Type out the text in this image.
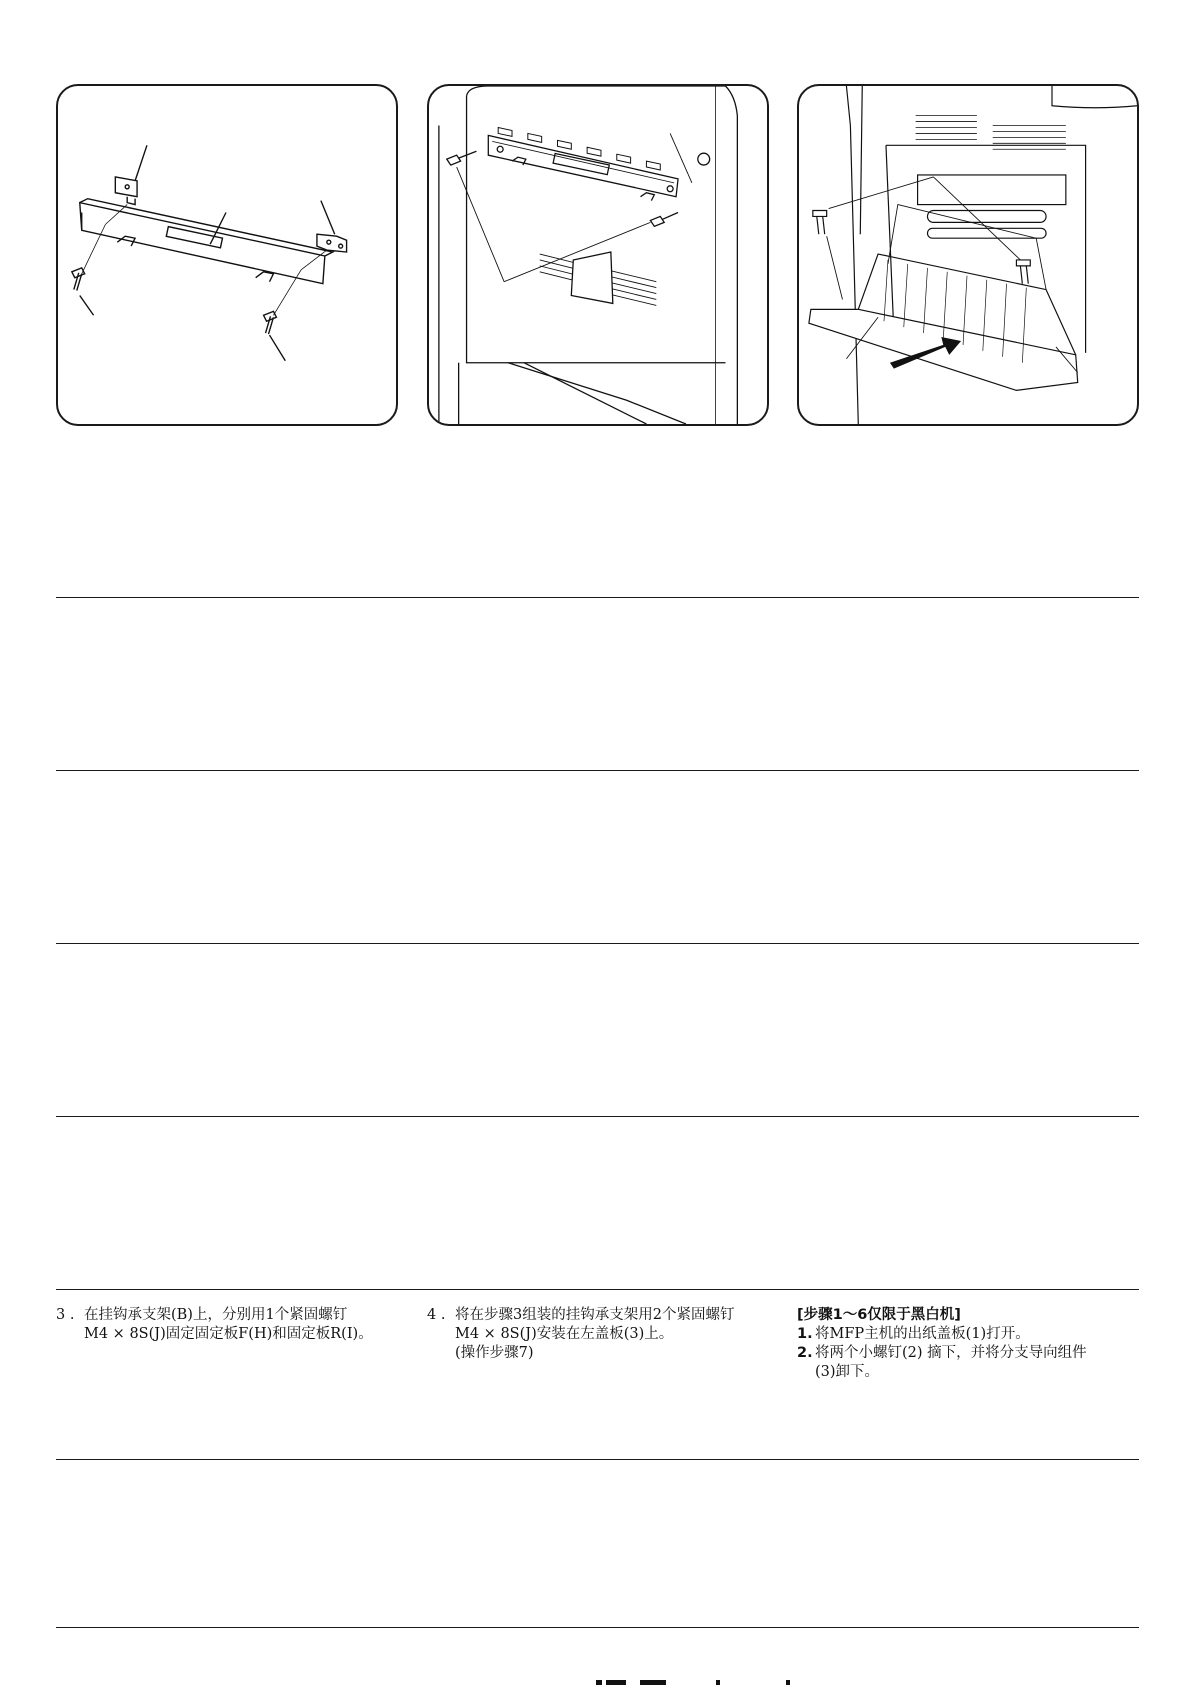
3 . 在挂钩承支架(B)上，分别用1个紧固螺钉
M4 × 8S(J)固定固定板F(H)和固定板R(I)。
4 . 将在步骤3组装的挂钩承支架用2个紧固螺钉
M4 × 8S(J)安装在左盖板(3)上。
(操作步骤7)
[步骤1～6仅限于黑白机]
1. 将MFP主机的出纸盖板(1)打开。
2. 将两个小螺钉(2) 摘下，并将分支导向组件
(3)卸下。
